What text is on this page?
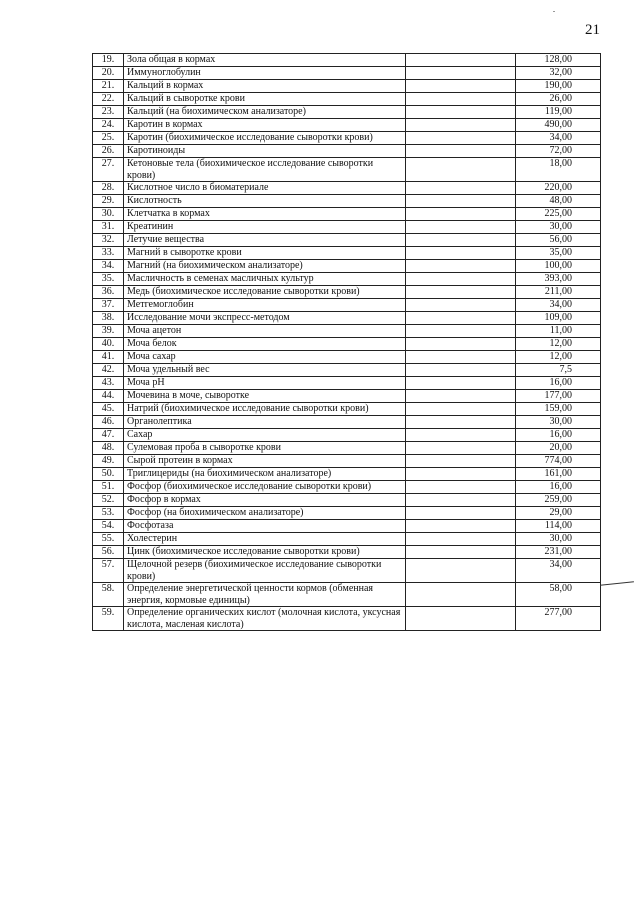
21
19.	Зола общая в кормах		128,00
20.	Иммуноглобулин		32,00
21.	Кальций в кормах		190,00
22.	Кальций в сыворотке крови		26,00
23.	Кальций (на биохимическом анализаторе)		119,00
24.	Каротин в кормах		490,00
25.	Каротин (биохимическое исследование сыворотки крови)		34,00
26.	Каротиноиды		72,00
27.	Кетоновые тела (биохимическое исследование сыворотки крови)		18,00
28.	Кислотное число в биоматериале		220,00
29.	Кислотность		48,00
30.	Клетчатка в кормах		225,00
31.	Креатинин		30,00
32.	Летучие вещества		56,00
33.	Магний в сыворотке крови		35,00
34.	Магний (на биохимическом анализаторе)		100,00
35.	Масличность в семенах масличных культур		393,00
36.	Медь (биохимическое исследование сыворотки крови)		211,00
37.	Метгемоглобин		34,00
38.	Исследование мочи экспресс-методом		109,00
39.	Моча ацетон		11,00
40.	Моча белок		12,00
41.	Моча сахар		12,00
42.	Моча удельный вес		7,5
43.	Моча pH		16,00
44.	Мочевина в моче, сыворотке		177,00
45.	Натрий (биохимическое исследование сыворотки крови)		159,00
46.	Органолептика		30,00
47.	Сахар		16,00
48.	Сулемовая проба в сыворотке крови		20,00
49.	Сырой протеин в кормах		774,00
50.	Триглицериды (на биохимическом анализаторе)		161,00
51.	Фосфор (биохимическое исследование сыворотки крови)		16,00
52.	Фосфор в кормах		259,00
53.	Фосфор (на биохимическом анализаторе)		29,00
54.	Фосфотаза		114,00
55.	Холестерин		30,00
56.	Цинк (биохимическое исследование сыворотки крови)		231,00
57.	Щелочной резерв (биохимическое исследование сыворотки крови)		34,00
58.	Определение энергетической ценности кормов (обменная энергия, кормовые единицы)		58,00
59.	Определение органических кислот (молочная кислота, уксусная кислота, масленая кислота)		277,00
